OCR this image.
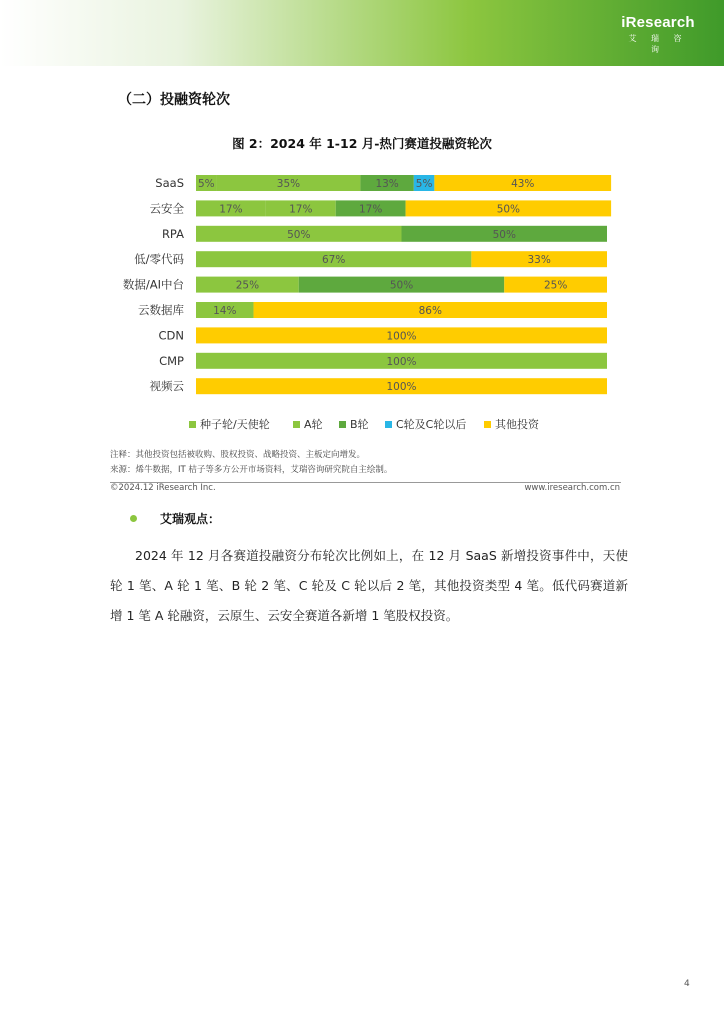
iResearch
艾 瑞 咨 询
（二）投融资轮次
图 2：2024 年 1-12 月-热门赛道投融资轮次
SaaS 5%	35%	13% 5%	43%
云安全	17%	17%	17%	50%
RPA	50%	50%
低/零代码	67%	33%
数据/AI中台	25%	50%	25%
云数据库	14%	86%
CDN	100%
CMP	100%
视频云	100%
种子轮/天使轮	A轮 B轮 C轮及C轮以后	其他投资
注释：其他投资包括被收购、股权投资、战略投资、主板定向增发。
来源：烯牛数据，IT 桔子等多方公开市场资料，艾瑞咨询研究院自主绘制。
©2024.12 iResearch Inc.	www.iresearch.com.cn
艾瑞观点：
2024 年 12 月各赛道投融资分布轮次比例如上，在 12 月 SaaS 新增投资事件中，天使轮 1 笔、A 轮 1 笔、B 轮 2 笔、C 轮及 C 轮以后 2 笔，其他投资类型 4 笔。低代码赛道新增 1 笔 A 轮融资，云原生、云安全赛道各新增 1 笔股权投资。
4
